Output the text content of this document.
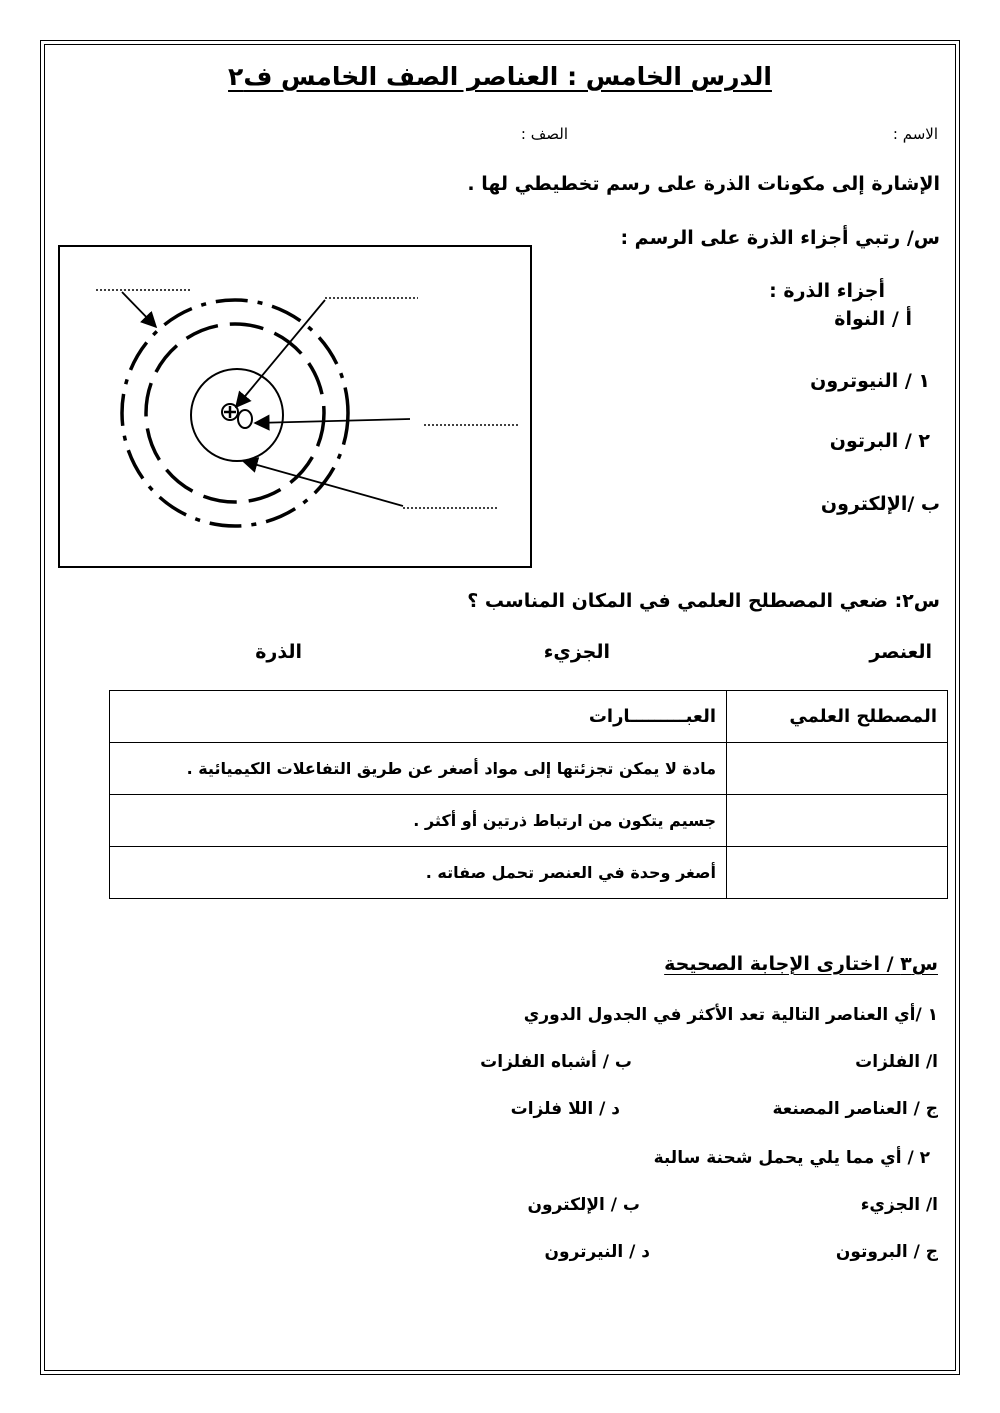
الدرس الخامس : العناصر الصف الخامس ف٢
الاسم :
الصف :
الإشارة إلى مكونات الذرة على رسم تخطيطي لها .
س/ رتبي أجزاء الذرة على الرسم :
أجزاء الذرة :
أ / النواة
١ / النيوترون
٢ / البرتون
ب /الإلكترون
س٢: ضعي المصطلح العلمي في المكان المناسب ؟
العنصر
الجزيء
الذرة
المصطلح العلمي	العبـــــــــارات
	مادة لا يمكن تجزئتها إلى مواد أصغر عن طريق التفاعلات الكيميائية .
	جسيم يتكون من ارتباط ذرتين أو أكثر .
	أصغر وحدة في العنصر تحمل صفاته .
س٣ / اختارى الإجابة الصحيحة
١ /أي العناصر التالية تعد الأكثر في الجدول الدوري
ا/ الفلزات
ب / أشباه الفلزات
ج / العناصر المصنعة
د / اللا فلزات
٢ / أي مما يلي يحمل شحنة سالبة
ا/ الجزيء
ب / الإلكترون
ج / البروتون
د / النيرترون
